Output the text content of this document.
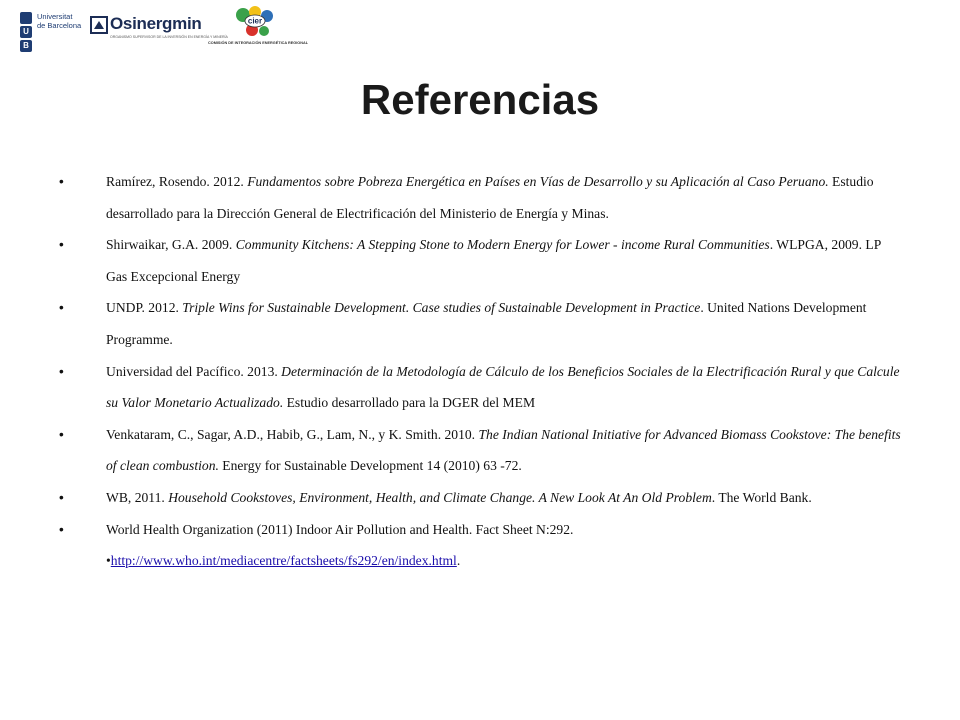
U
B
Universitat
de Barcelona	Osinergmin
ORGANISMO SUPERVISOR DE LA INVERSIÓN EN ENERGÍA Y MINERÍA
cier
COMISIÓN DE INTEGRACIÓN ENERGÉTICA REGIONAL
Referencias
• Ramírez, Rosendo. 2012. Fundamentos sobre Pobreza Energética en Países en Vías de Desarrollo y su Aplicación al Caso Peruano. Estudio desarrollado para la Dirección General de Electrificación del Ministerio de Energía y Minas.
• Shirwaikar, G.A. 2009. Community Kitchens: A Stepping Stone to Modern Energy for Lower - income Rural Communities. WLPGA, 2009. LP Gas Excepcional Energy
• UNDP. 2012. Triple Wins for Sustainable Development. Case studies of Sustainable Development in Practice. United Nations Development Programme.
• Universidad del Pacífico. 2013. Determinación de la Metodología de Cálculo de los Beneficios Sociales de la Electrificación Rural y que Calcule su Valor Monetario Actualizado. Estudio desarrollado para la DGER del MEM
• Venkataram, C., Sagar, A.D., Habib, G., Lam, N., y K. Smith. 2010. The Indian National Initiative for Advanced Biomass Cookstove: The benefits of clean combustion. Energy for Sustainable Development 14 (2010) 63 -72.
• WB, 2011. Household Cookstoves, Environment, Health, and Climate Change. A New Look At An Old Problem. The World Bank.
• World Health Organization (2011) Indoor Air Pollution and Health. Fact Sheet N:292.
•http://www.who.int/mediacentre/factsheets/fs292/en/index.html.
